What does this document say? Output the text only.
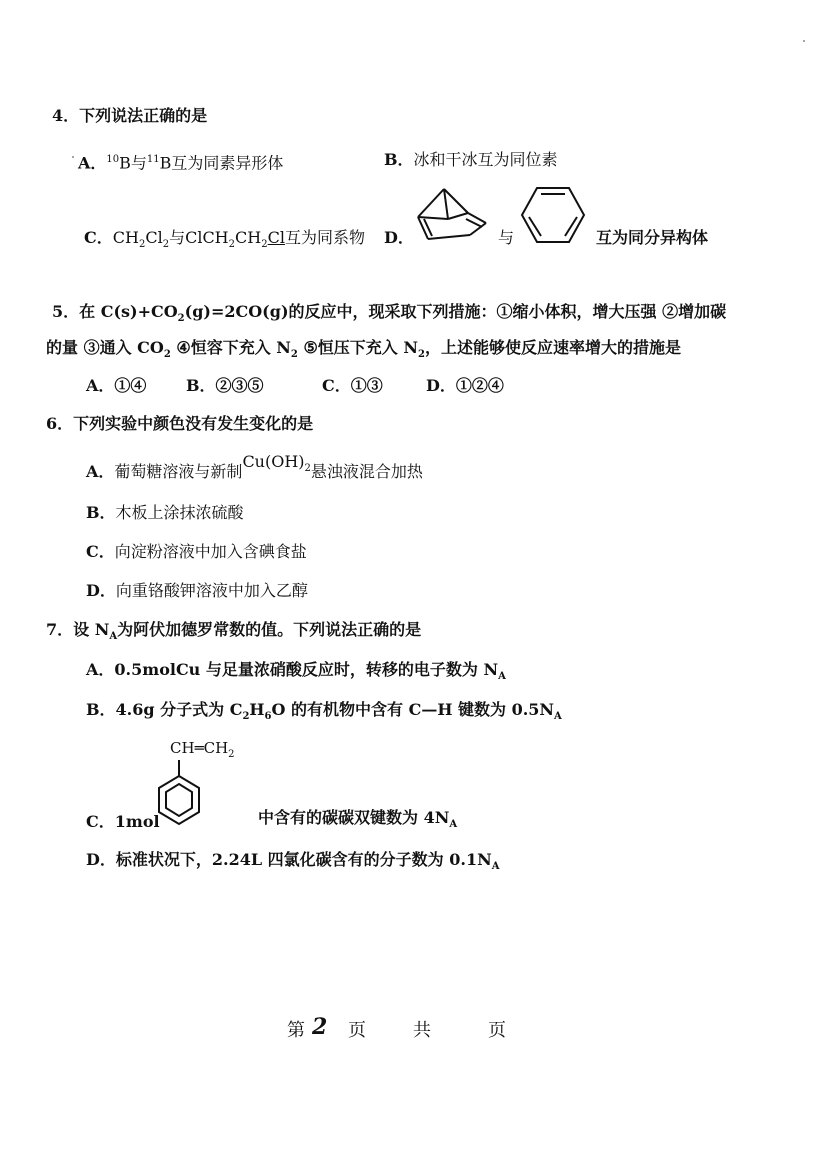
4．下列说法正确的是
A．$^{10}$B与$^{11}$B互为同素异形体	B．冰和干冰互为同位素
C．$CH_2Cl_2$与$ClCH_2CH_2Cl$互为同系物 D．	与	互为同分异构体
5．在 $C(s)+CO_2(g)=2CO(g)$的反应中，现采取下列措施：①缩小体积，增大压强 ②增加碳
的量 ③通入 $CO_2$ ④恒容下充入 $N_2$ ⑤恒压下充入 $N_2$，上述能够使反应速率增大的措施是
A．①④ B．②③⑤	C．①③	D．①②④
6．下列实验中颜色没有发生变化的是
A．葡萄糖溶液与新制$Cu(OH)_2$悬浊液混合加热
B．木板上涂抹浓硫酸
C．向淀粉溶液中加入含碘食盐
D．向重铬酸钾溶液中加入乙醇
7．设 $N_A$为阿伏加德罗常数的值。下列说法正确的是
A．0.5molCu 与足量浓硝酸反应时，转移的电子数为 $N_A$
B．4.6g 分子式为 $C_2H_6O$ 的有机物中含有 C—H 键数为 $0.5N_A$
$CH═CH_2$
C．1mol	中含有的碳碳双键数为 $4N_A$
D．标准状况下，2.24L 四氯化碳含有的分子数为 $0.1N_A$
第 2 页	共	页
